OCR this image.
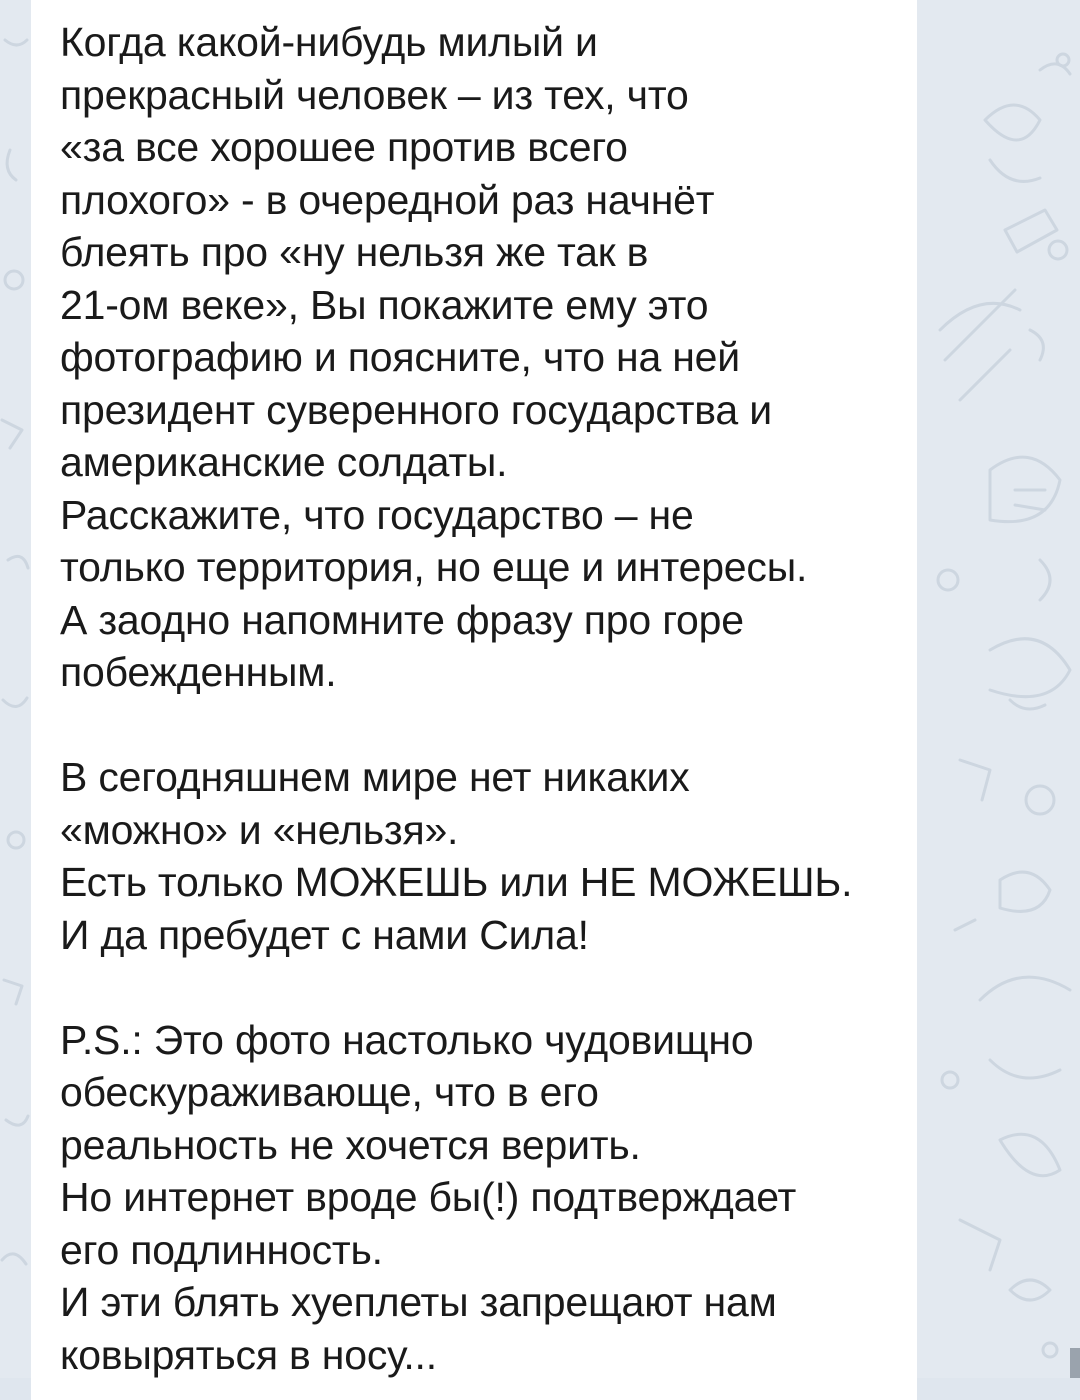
Когда какой-нибудь милый и
прекрасный человек – из тех, что
«за все хорошее против всего
плохого» - в очередной раз начнёт
блеять про «ну нельзя же так в
21-ом веке», Вы покажите ему это
фотографию и поясните, что на ней
президент суверенного государства и
американские солдаты.
Расскажите, что государство – не
только территория, но еще и интересы.
А заодно напомните фразу про горе
побежденным.
В сегодняшнем мире нет никаких
«можно» и «нельзя».
Есть только МОЖЕШЬ или НЕ МОЖЕШЬ.
И да пребудет с нами Сила!
P.S.: Это фото настолько чудовищно
обескураживающе, что в его
реальность не хочется верить.
Но интернет вроде бы(!) подтверждает
его подлинность.
И эти блять хуеплеты запрещают нам
ковыряться в носу...
